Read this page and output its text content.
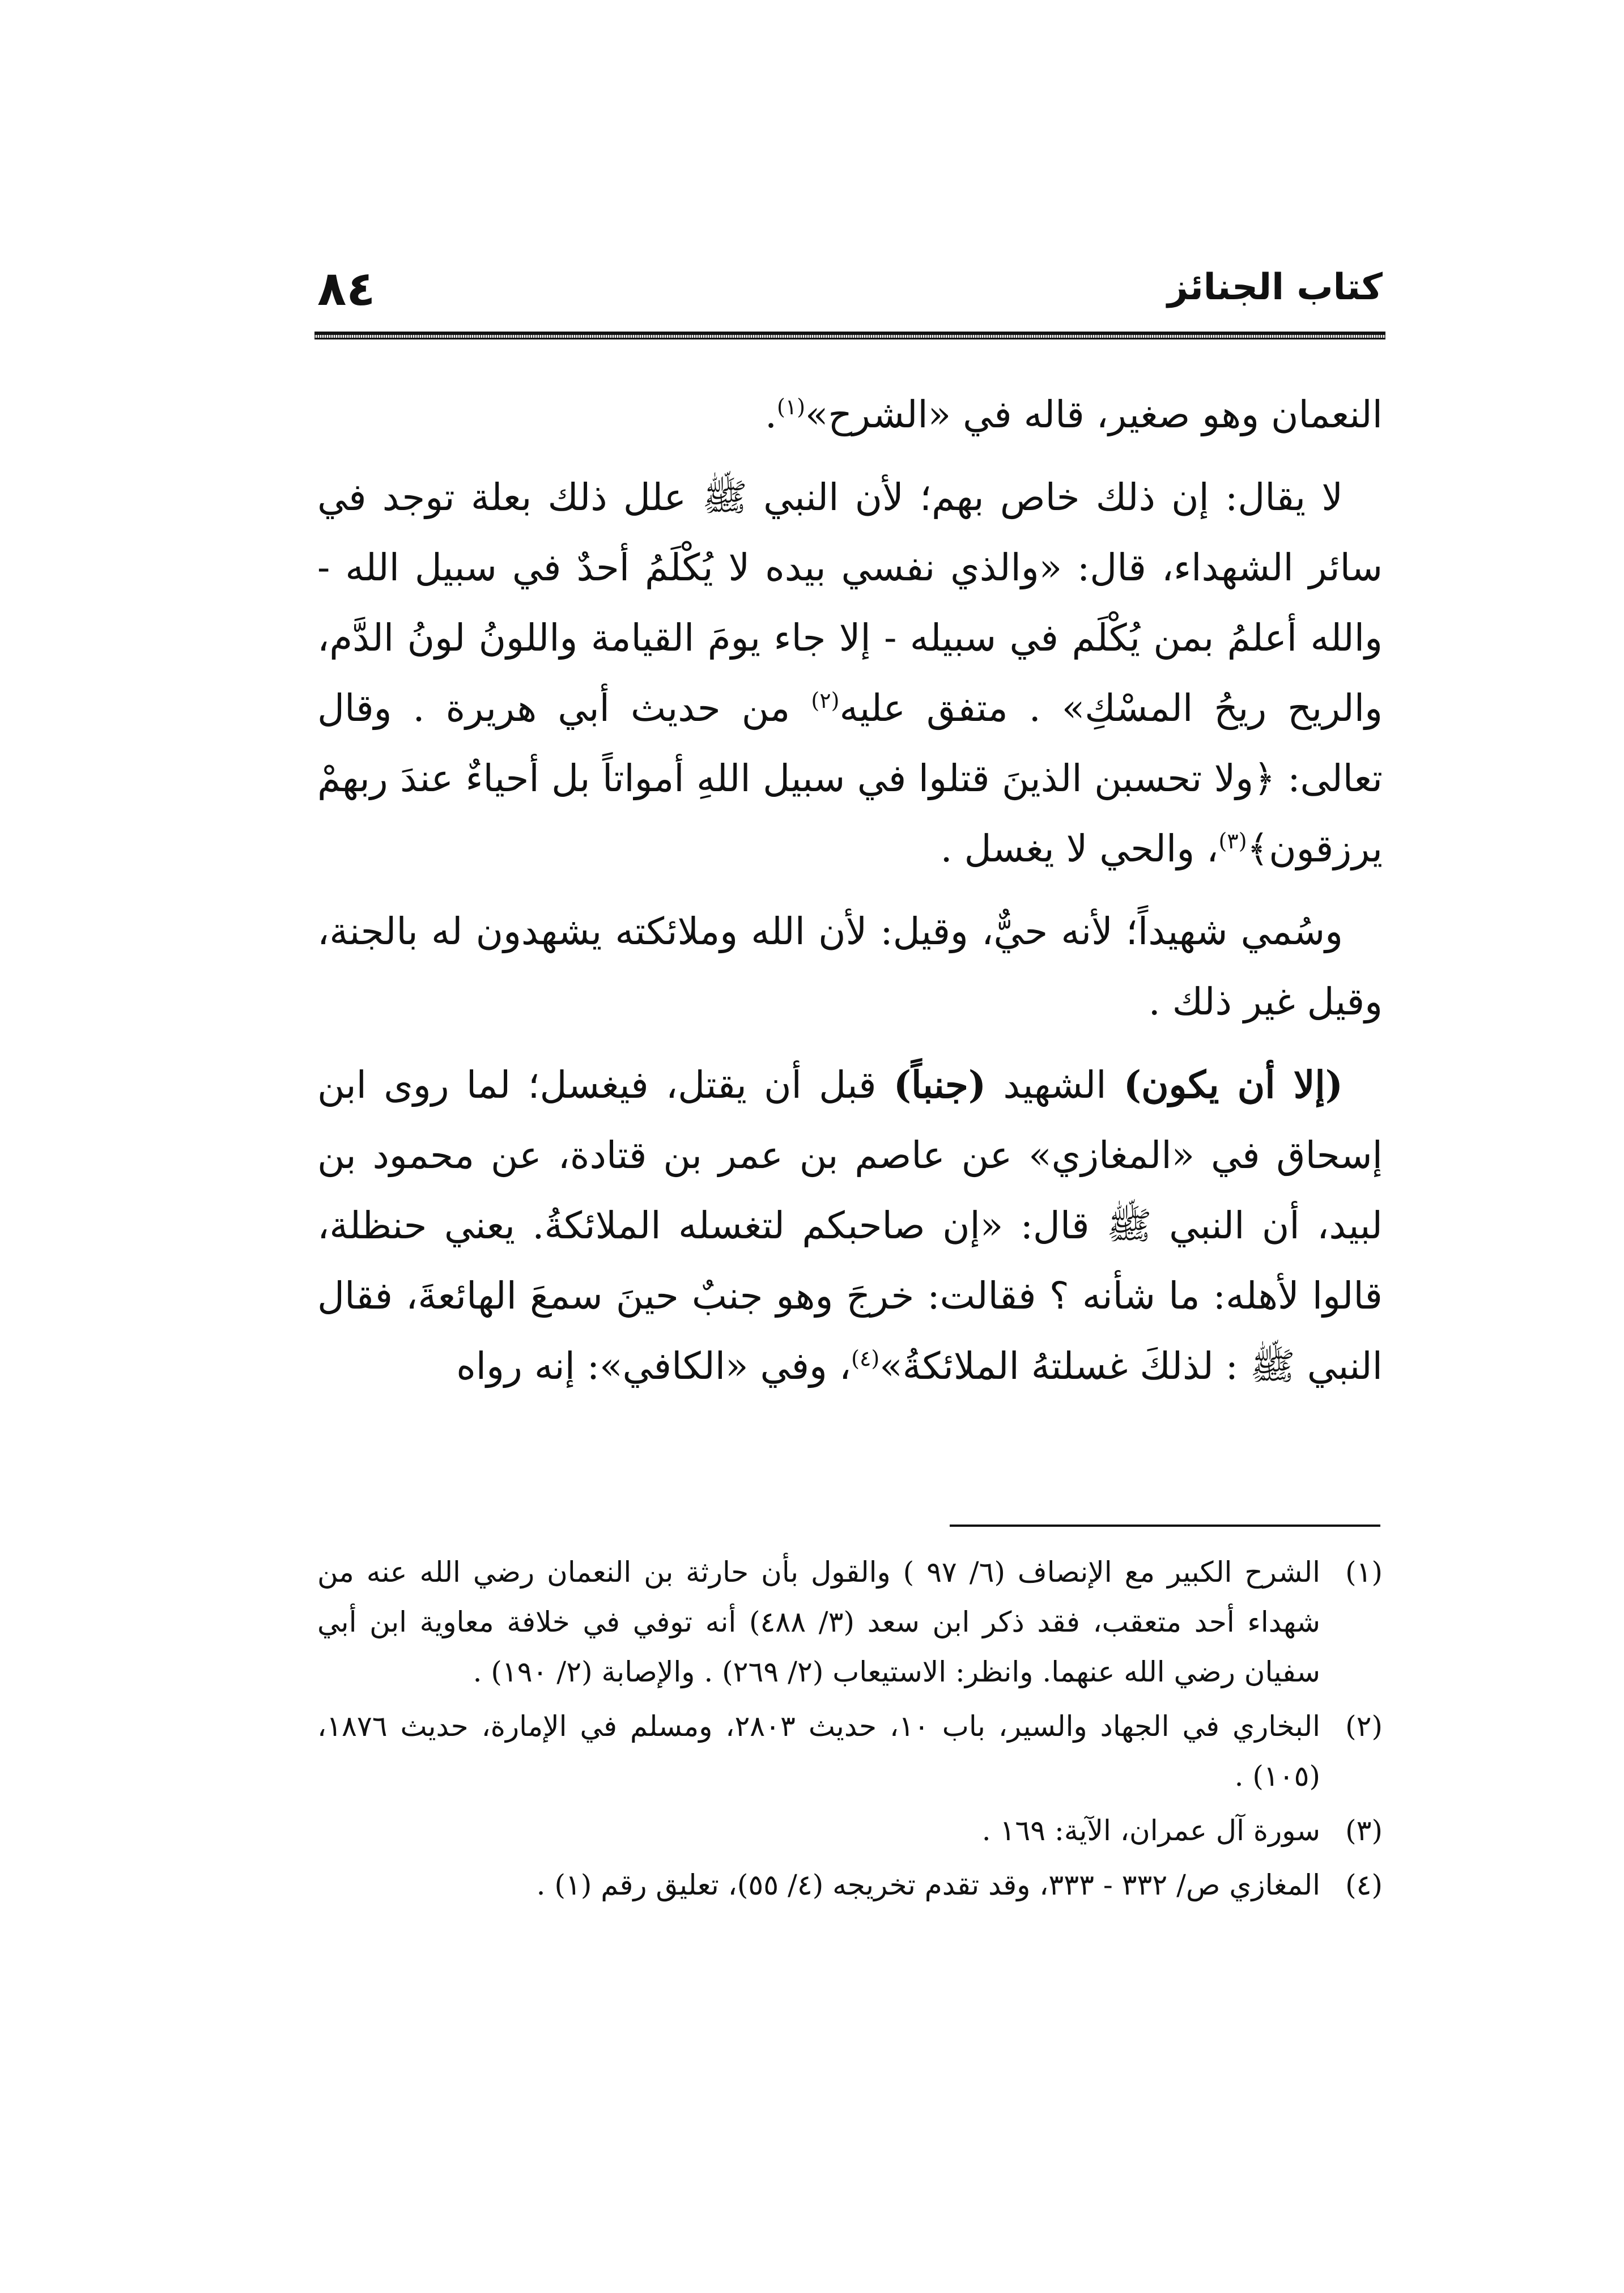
كتاب الجنائز
٨٤

النعمان وهو صغير، قاله في «الشرح»$^{(١)}$.

لا يقال: إن ذلك خاص بهم؛ لأن النبي ﷺ علل ذلك بعلة توجد في سائر الشهداء، قال: «والذي نفسي بيده لا يُكْلَمُ أحدٌ في سبيل الله - والله أعلمُ بمن يُكْلَم في سبيله - إلا جاء يومَ القيامة واللونُ لونُ الدَّم، والريح ريحُ المسْكِ» . متفق عليه$^{(٢)}$ من حديث أبي هريرة . وقال تعالى: ﴿ولا تحسبن الذينَ قتلوا في سبيل اللهِ أمواتاً بل أحياءٌ عندَ ربهمْ يرزقون﴾$^{(٣)}$، والحي لا يغسل .

وسُمي شهيداً؛ لأنه حيٌّ، وقيل: لأن الله وملائكته يشهدون له بالجنة، وقيل غير ذلك .

(إلا أن يكون) الشهيد (جنباً) قبل أن يقتل، فيغسل؛ لما روى ابن إسحاق في «المغازي» عن عاصم بن عمر بن قتادة، عن محمود بن لبيد، أن النبي ﷺ قال: «إن صاحبكم لتغسله الملائكةُ. يعني حنظلة، قالوا لأهله: ما شأنه ؟ فقالت: خرجَ وهو جنبٌ حينَ سمعَ الهائعةَ، فقال النبي ﷺ : لذلكَ غسلتهُ الملائكةُ»$^{(٤)}$، وفي «الكافي»: إنه رواه

(١)
الشرح الكبير مع الإنصاف (٦/ ٩٧ ) والقول بأن حارثة بن النعمان رضي الله عنه من شهداء أحد متعقب، فقد ذكر ابن سعد (٣/ ٤٨٨) أنه توفي في خلافة معاوية ابن أبي سفيان رضي الله عنهما. وانظر: الاستيعاب (٢/ ٢٦٩) . والإصابة (٢/ ١٩٠) .
(٢)
البخاري في الجهاد والسير، باب ١٠، حديث ٢٨٠٣، ومسلم في الإمارة، حديث ١٨٧٦، (١٠٥) .
(٣)
سورة آل عمران، الآية: ١٦٩ .
(٤)
المغازي ص/ ٣٣٢ - ٣٣٣، وقد تقدم تخريجه (٤/ ٥٥)، تعليق رقم (١) .
